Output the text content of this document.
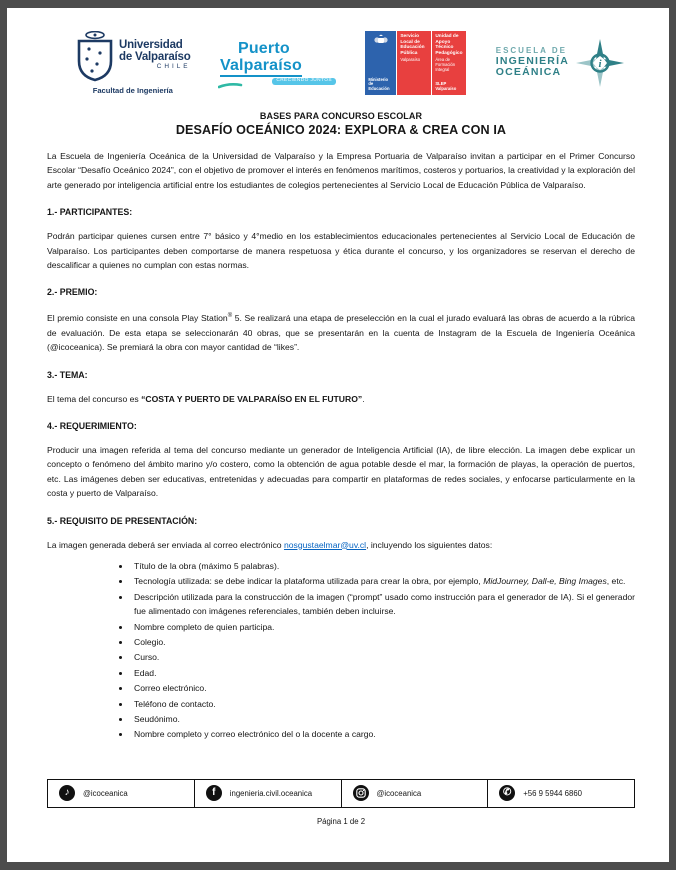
Universidad
de Valparaíso
CHILE
Facultad de Ingeniería
Puerto
Valparaíso
CRECIENDO JUNTOS	Ministerio de Educación
Servicio Local de Educación Pública
Valparaíso
Unidad de Apoyo Técnico Pedagógico
Área de Formación Integral
SLEP Valparaíso
ESCUELA DE
INGENIERÍA
OCEÁNICA
i
BASES PARA CONCURSO ESCOLAR
DESAFÍO OCEÁNICO 2024: EXPLORA & CREA CON IA

La Escuela de Ingeniería Oceánica de la Universidad de Valparaíso y la Empresa Portuaria de Valparaíso invitan a participar en el Primer Concurso Escolar “Desafío Oceánico 2024”, con el objetivo de promover el interés en fenómenos marítimos, costeros y portuarios, la creatividad y la exploración del arte generado por inteligencia artificial entre los estudiantes de colegios pertenecientes al Servicio Local de Educación Pública de Valparaíso.

1.- PARTICIPANTES:

Podrán participar quienes cursen entre 7° básico y 4°medio en los establecimientos educacionales pertenecientes al Servicio Local de Educación de Valparaíso. Los participantes deben comportarse de manera respetuosa y ética durante el concurso, y los organizadores se reservan el derecho de descalificar a quienes no cumplan con estas normas.

2.- PREMIO:

El premio consiste en una consola Play Station® 5. Se realizará una etapa de preselección en la cual el jurado evaluará las obras de acuerdo a la rúbrica de evaluación. De esta etapa se seleccionarán 40 obras, que se presentarán en la cuenta de Instagram de la Escuela de Ingeniería Oceánica (@icoceanica). Se premiará la obra con mayor cantidad de “likes”.

3.- TEMA:

El tema del concurso es “COSTA Y PUERTO DE VALPARAÍSO EN EL FUTURO”.

4.- REQUERIMIENTO:

Producir una imagen referida al tema del concurso mediante un generador de Inteligencia Artificial (IA), de libre elección. La imagen debe explicar un concepto o fenómeno del ámbito marino y/o costero, como la obtención de agua potable desde el mar, la formación de playas, la operación de puertos, etc. Las imágenes deben ser educativas, entretenidas y adecuadas para compartir en plataformas de redes sociales, y enfocarse particularmente en la costa y puerto de Valparaíso.

5.- REQUISITO DE PRESENTACIÓN:

La imagen generada deberá ser enviada al correo electrónico nosgustaelmar@uv.cl, incluyendo los siguientes datos:

• Título de la obra (máximo 5 palabras).
• Tecnología utilizada: se debe indicar la plataforma utilizada para crear la obra, por ejemplo, MidJourney, Dall-e, Bing Images, etc.
• Descripción utilizada para la construcción de la imagen (“prompt” usado como instrucción para el generador de IA). Si el generador fue alimentado con imágenes referenciales, también deben incluirse.
• Nombre completo de quien participa.
• Colegio.
• Curso.
• Edad.
• Correo electrónico.
• Teléfono de contacto.
• Seudónimo.
• Nombre completo y correo electrónico del o la docente a cargo.
♪	@icoceanica	f	ingenieria.civil.oceanica	@icoceanica	✆	+56 9 5944 6860
Página 1 de 2
